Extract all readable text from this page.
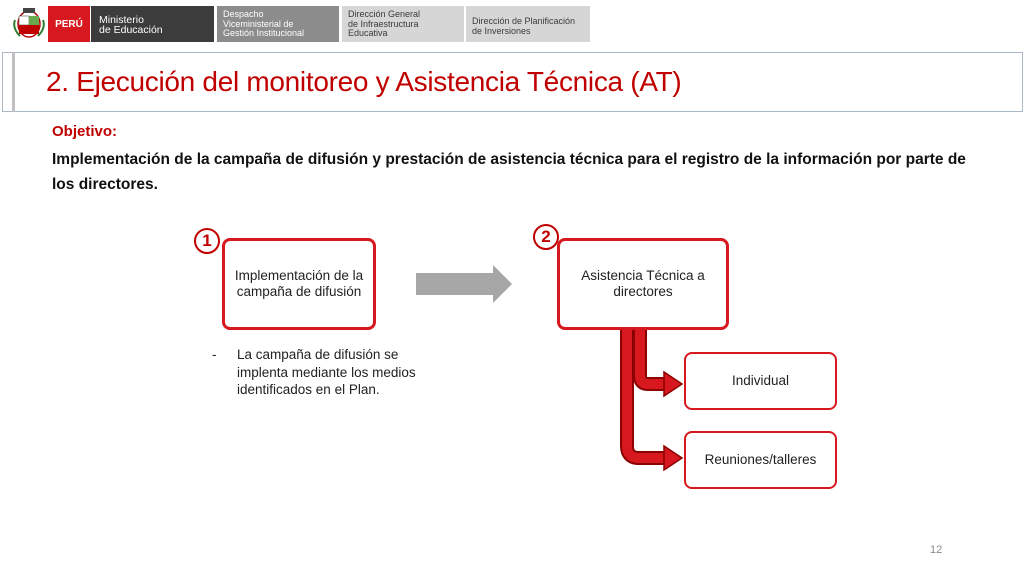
PERÚ Ministerio
de Educación
Despacho
Viceministerial de
Gestión Institucional
Dirección General
de Infraestructura
Educativa
Dirección de Planificación
de Inversiones
2. Ejecución del monitoreo y Asistencia Técnica (AT)
Objetivo:
Implementación de la campaña de difusión y prestación de asistencia técnica para el registro de la información por parte de los directores.
1
Implementación de la campaña de difusión
- La campaña de difusión se implenta mediante los medios identificados en el Plan.
2
Asistencia Técnica a directores
Individual
Reuniones/talleres
12
